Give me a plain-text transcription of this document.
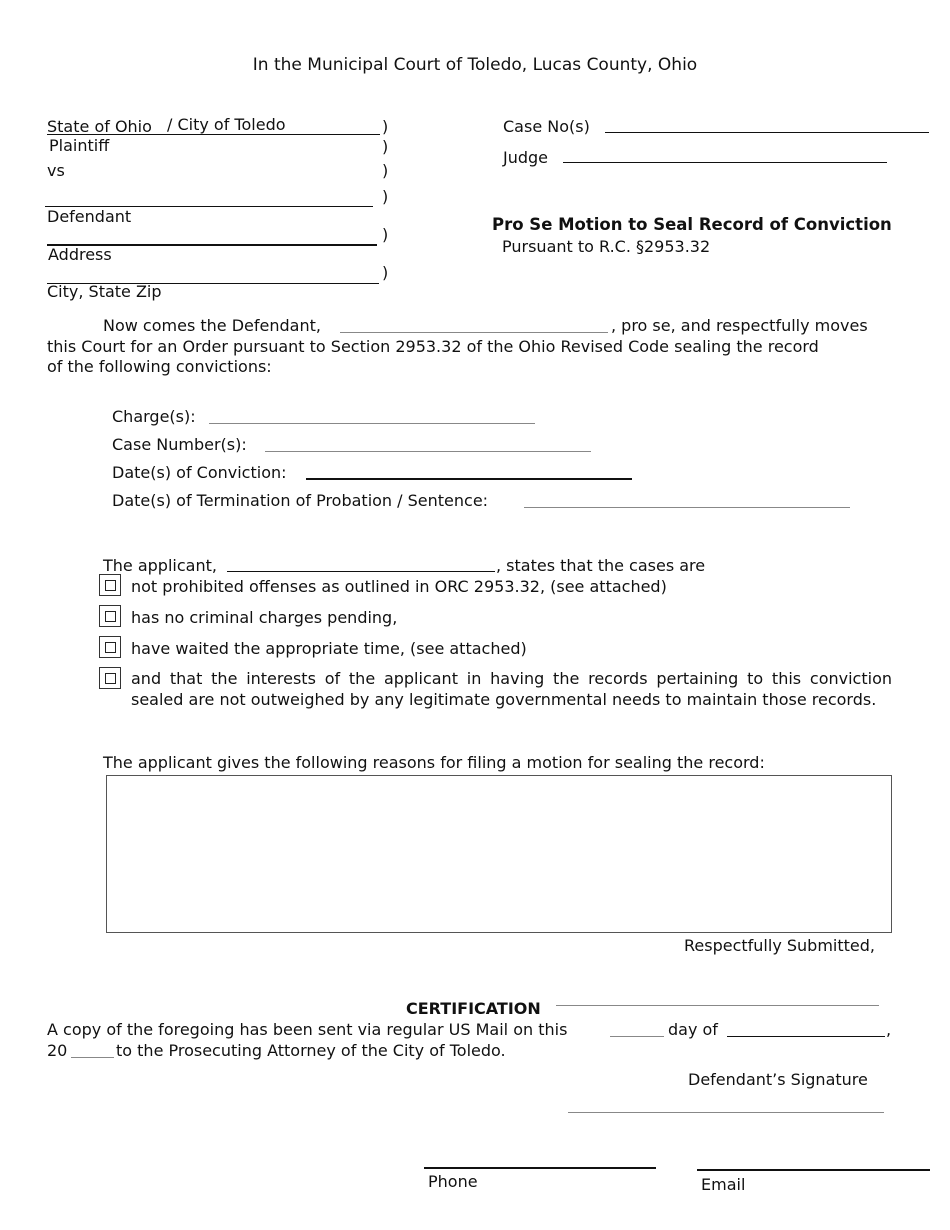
In the Municipal Court of Toledo, Lucas County, Ohio
State of Ohio / City of Toledo
Plaintiff
vs
Defendant
Address
City, State Zip
)
)
)
)
)
)
Case No(s)
Judge
Pro Se Motion to Seal Record of Conviction
Pursuant to R.C. §2953.32
Now comes the Defendant,	, pro se, and respectfully moves
this Court for an Order pursuant to Section 2953.32 of the Ohio Revised Code sealing the record
of the following convictions:
Charge(s):
Case Number(s):
Date(s) of Conviction:
Date(s) of Termination of Probation / Sentence:
The applicant,	, states that the cases are
not prohibited offenses as outlined in ORC 2953.32, (see attached)
has no criminal charges pending,
have waited the appropriate time, (see attached)
and that the interests of the applicant in having the records pertaining to this conviction sealed are not outweighed by any legitimate governmental needs to maintain those records.
The applicant gives the following reasons for filing a motion for sealing the record:
Respectfully Submitted,
CERTIFICATION
A copy of the foregoing has been sent via regular US Mail on this	day of	,
20	to the Prosecuting Attorney of the City of Toledo.
Defendant’s Signature
Phone	Email
